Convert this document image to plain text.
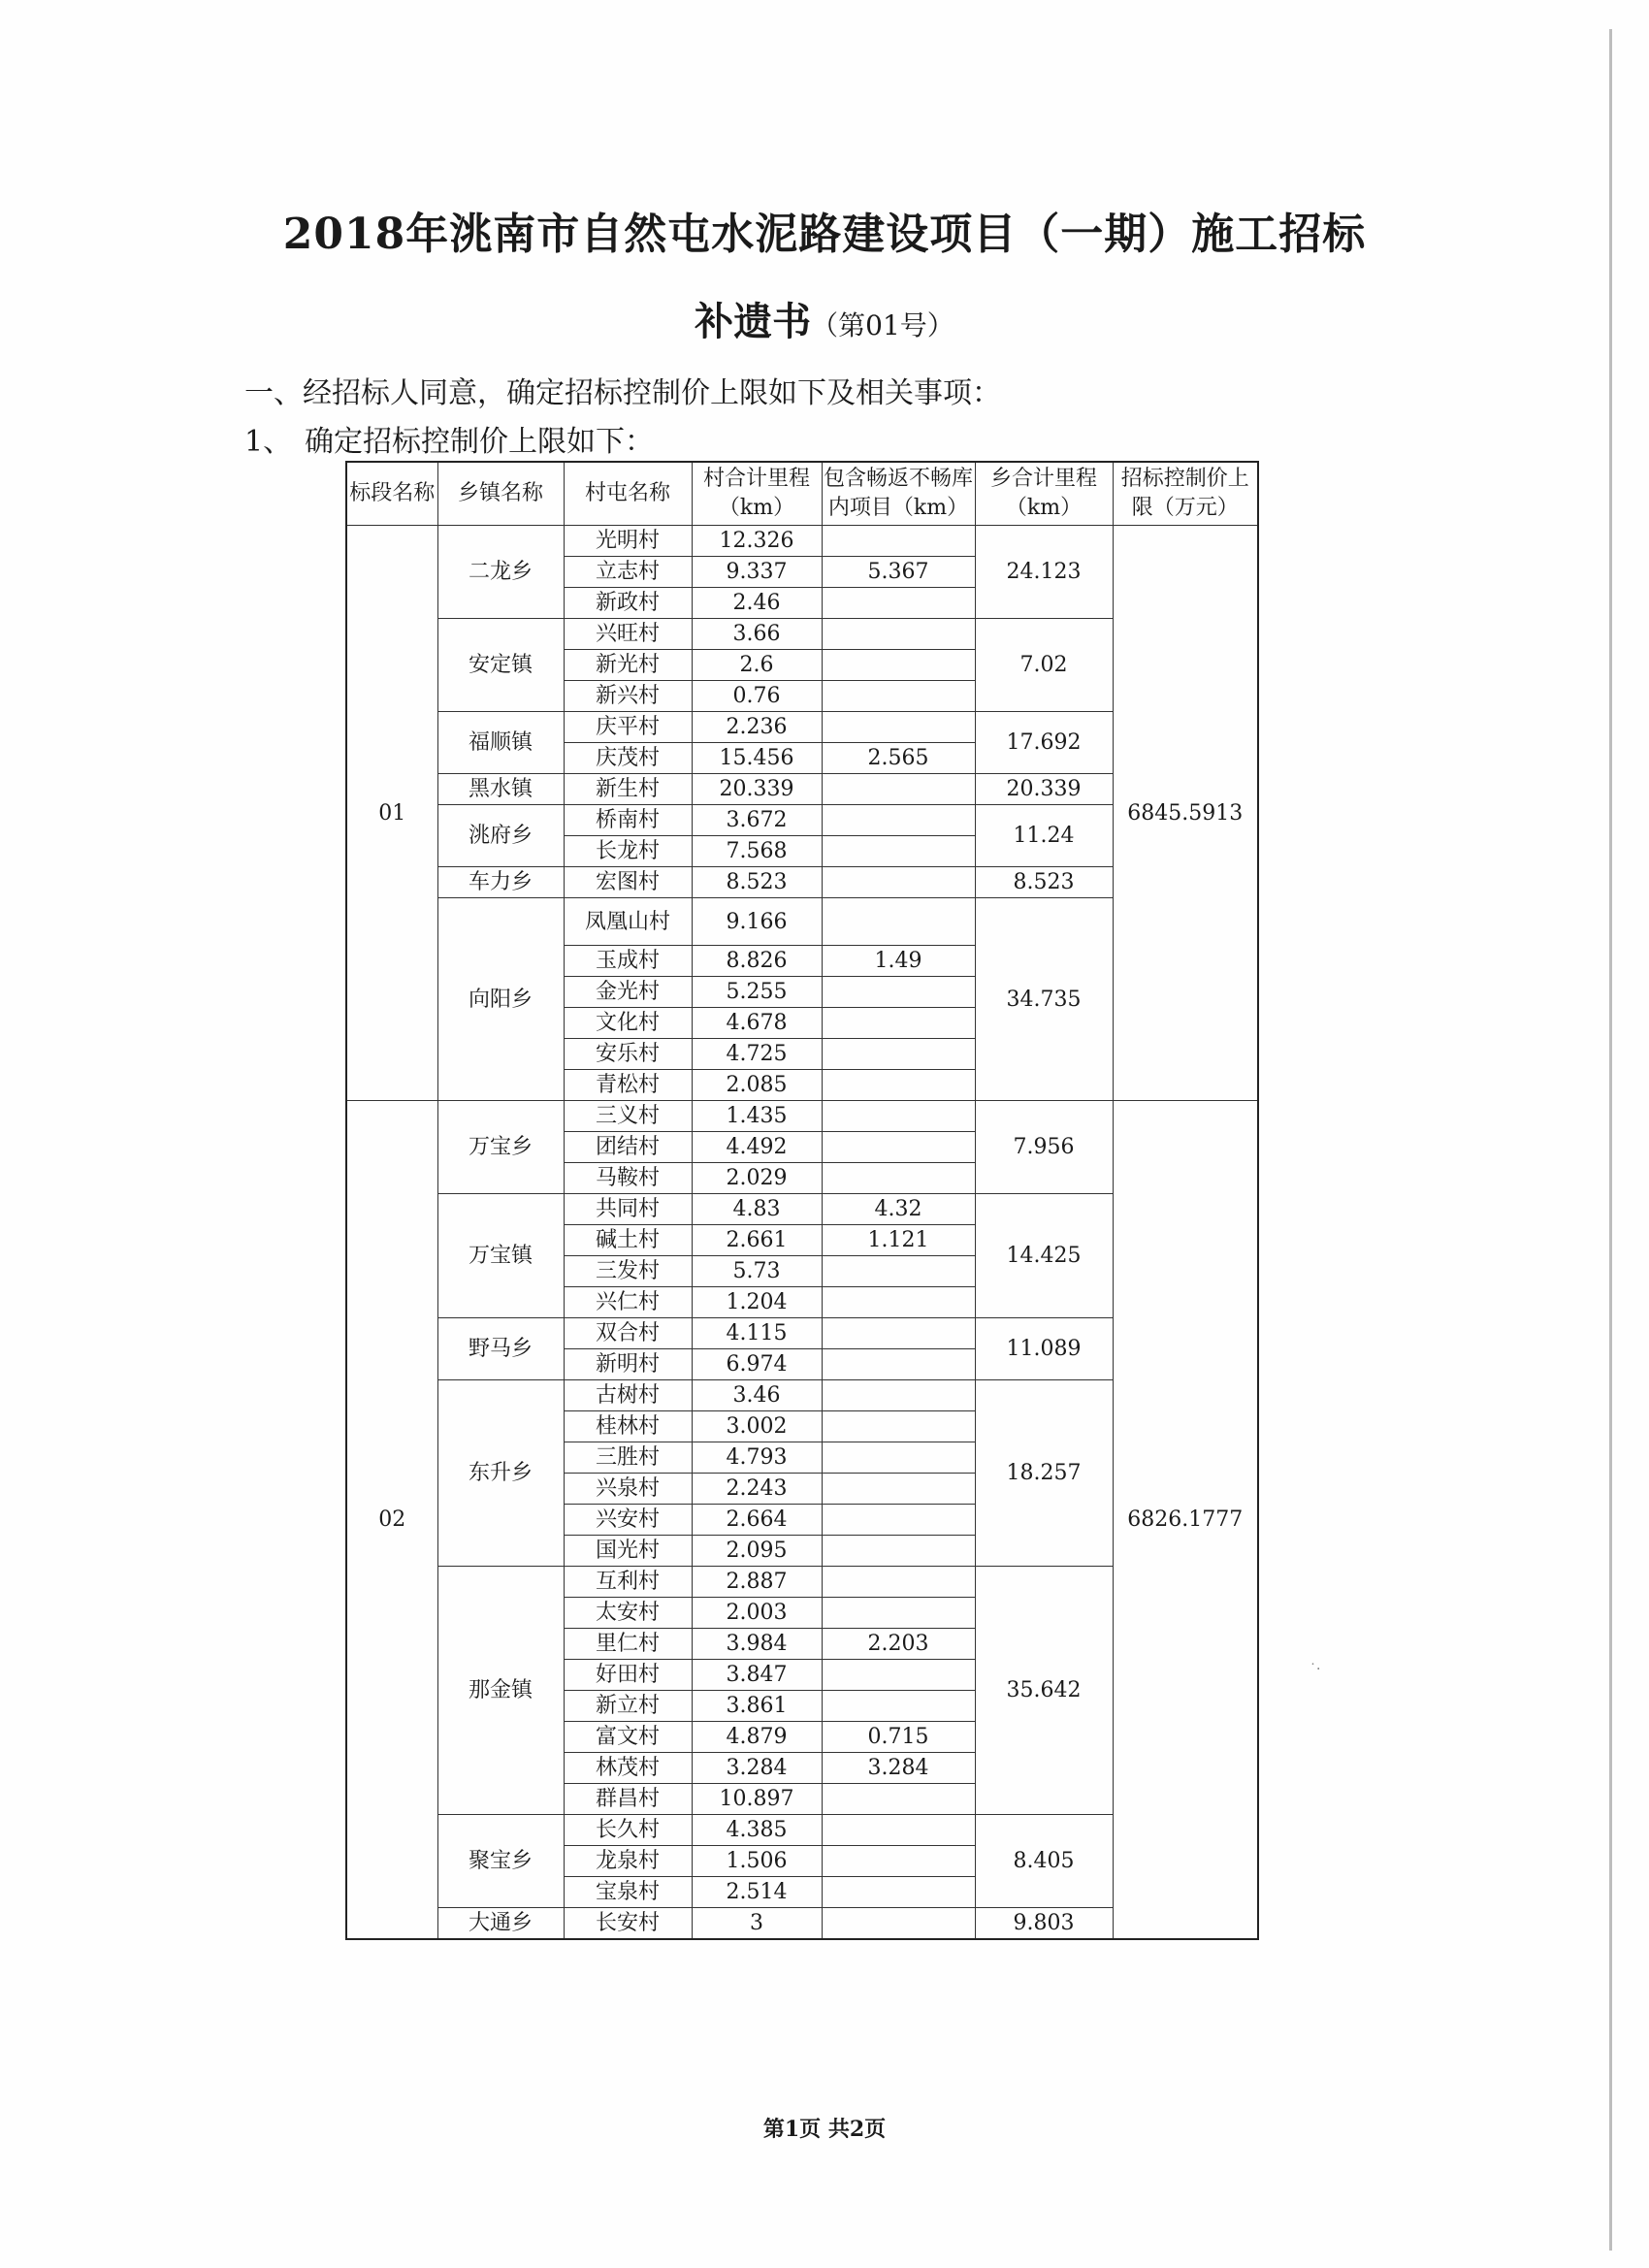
2018年洮南市自然屯水泥路建设项目（一期）施工招标
补遗书（第01号）
一、经招标人同意，确定招标控制价上限如下及相关事项：
1、 确定招标控制价上限如下：
标段名称	乡镇名称	村屯名称	村合计里程（km）	包含畅返不畅库内项目（km）	乡合计里程（km）	招标控制价上限（万元）
01	二龙乡	光明村	12.326		24.123	6845.5913
		立志村	9.337	5.367		
		新政村	2.46			
	安定镇	兴旺村	3.66		7.02	
		新光村	2.6			
		新兴村	0.76			
	福顺镇	庆平村	2.236		17.692	
		庆茂村	15.456	2.565		
	黑水镇	新生村	20.339		20.339	
	洮府乡	桥南村	3.672		11.24	
		长龙村	7.568			
	车力乡	宏图村	8.523		8.523	
	向阳乡	凤凰山村	9.166		34.735	
		玉成村	8.826	1.49		
		金光村	5.255			
		文化村	4.678			
		安乐村	4.725			
		青松村	2.085			
02	万宝乡	三义村	1.435		7.956	6826.1777
		团结村	4.492			
		马鞍村	2.029			
	万宝镇	共同村	4.83	4.32	14.425	
		碱土村	2.661	1.121		
		三发村	5.73			
		兴仁村	1.204			
	野马乡	双合村	4.115		11.089	
		新明村	6.974			
	东升乡	古树村	3.46		18.257	
		桂林村	3.002			
		三胜村	4.793			
		兴泉村	2.243			
		兴安村	2.664			
		国光村	2.095			
	那金镇	互利村	2.887		35.642	
		太安村	2.003			
		里仁村	3.984	2.203		
		好田村	3.847			
		新立村	3.861			
		富文村	4.879	0.715		
		林茂村	3.284	3.284		
		群昌村	10.897			
	聚宝乡	长久村	4.385		8.405	
		龙泉村	1.506			
		宝泉村	2.514			
	大通乡	长安村	3		9.803	
˙·
第1页 共2页
